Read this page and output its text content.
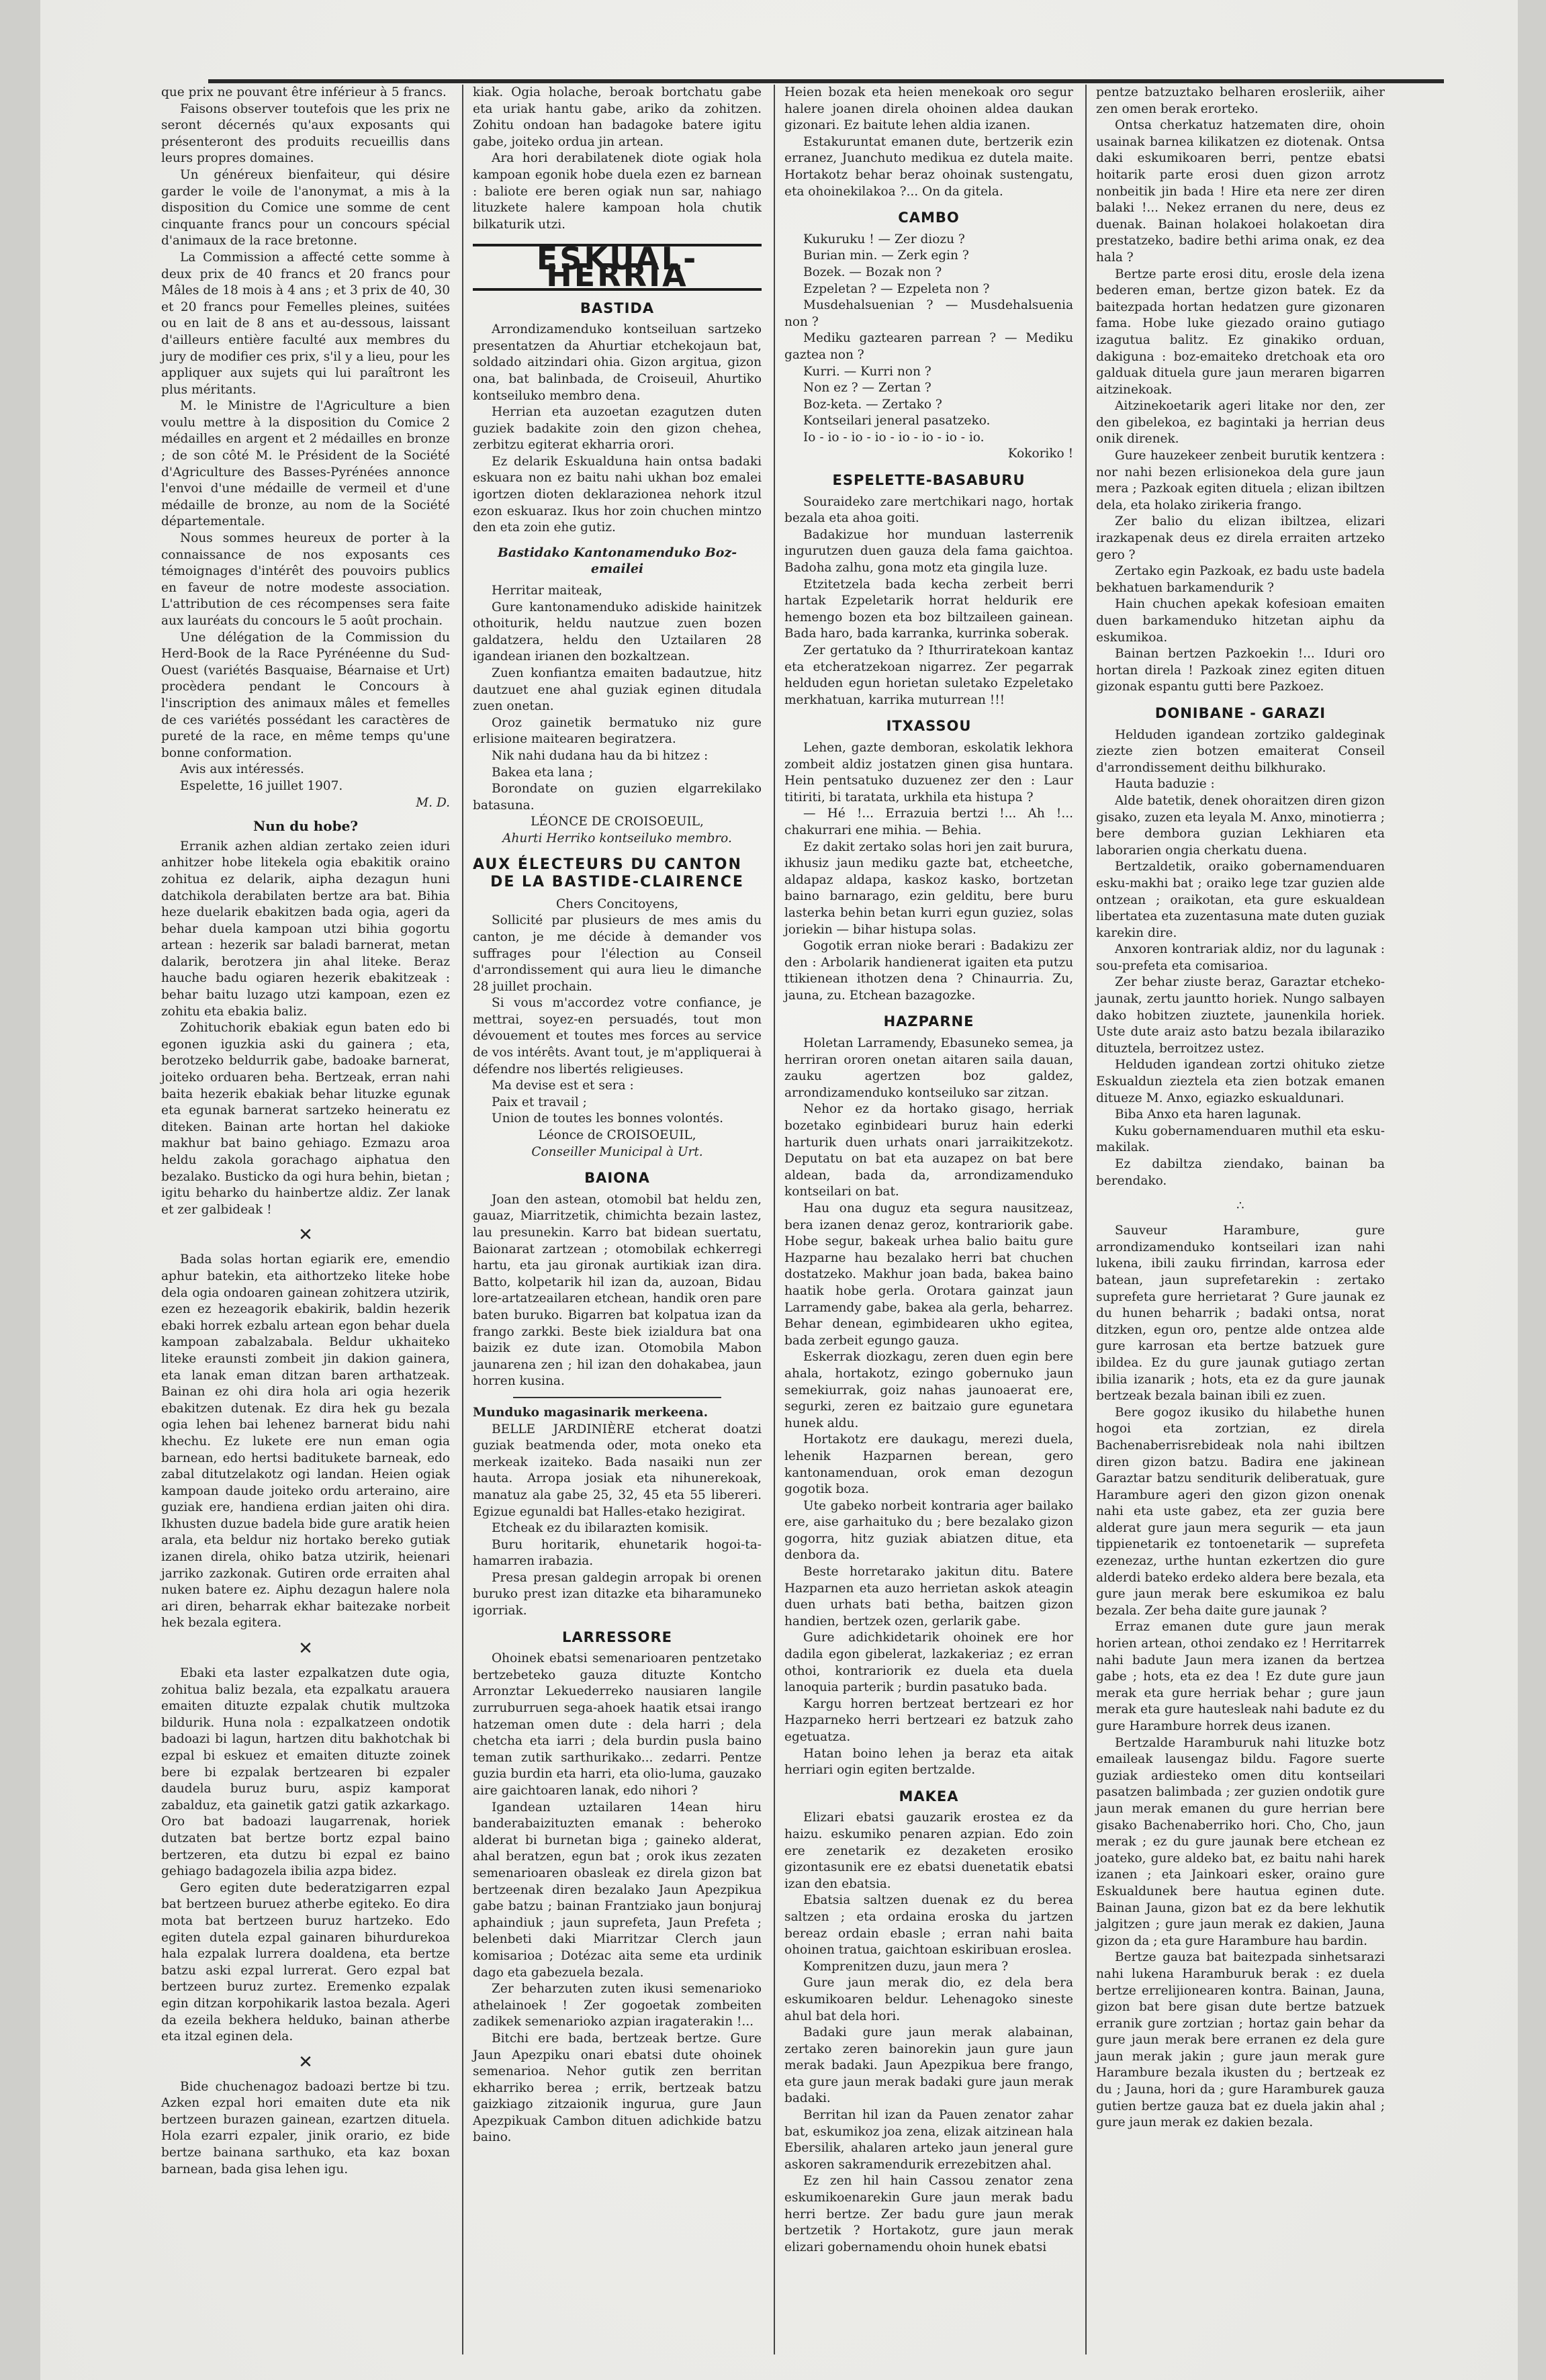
que prix ne pouvant être inférieur à 5 francs.

Faisons observer toutefois que les prix ne seront décernés qu'aux exposants qui présenteront des produits recueillis dans leurs propres domaines.

Un généreux bienfaiteur, qui désire garder le voile de l'anonymat, a mis à la disposition du Comice une somme de cent cinquante francs pour un concours spécial d'animaux de la race bretonne.

La Commission a affecté cette somme à deux prix de 40 francs et 20 francs pour Mâles de 18 mois à 4 ans ; et 3 prix de 40, 30 et 20 francs pour Femelles pleines, suitées ou en lait de 8 ans et au-dessous, laissant d'ailleurs entière faculté aux membres du jury de modifier ces prix, s'il y a lieu, pour les appliquer aux sujets qui lui paraîtront les plus méritants.

M. le Ministre de l'Agriculture a bien voulu mettre à la disposition du Comice 2 médailles en argent et 2 médailles en bronze ; de son côté M. le Président de la Société d'Agriculture des Basses-Pyrénées annonce l'envoi d'une médaille de vermeil et d'une médaille de bronze, au nom de la Société départementale.

Nous sommes heureux de porter à la connaissance de nos exposants ces témoignages d'intérêt des pouvoirs publics en faveur de notre modeste association. L'attribution de ces récompenses sera faite aux lauréats du concours le 5 août prochain.

Une délégation de la Commission du Herd-Book de la Race Pyrénéenne du Sud-Ouest (variétés Basquaise, Béarnaise et Urt) procèdera pendant le Concours à l'inscription des animaux mâles et femelles de ces variétés possédant les caractères de pureté de la race, en même temps qu'une bonne conformation.

Avis aux intéressés.

Espelette, 16 juillet 1907.

M. D.

Nun du hobe?

Erranik azhen aldian zertako zeien iduri anhitzer hobe litekela ogia ebakitik oraino zohitua ez delarik, aipha dezagun huni datchikola derabilaten bertze ara bat. Bihia heze duelarik ebakitzen bada ogia, ageri da behar duela kampoan utzi bihia gogortu artean : hezerik sar baladi barnerat, metan dalarik, berotzera jin ahal liteke. Beraz hauche badu ogiaren hezerik ebakitzeak : behar baitu luzago utzi kampoan, ezen ez zohitu eta ebakia baliz.

Zohituchorik ebakiak egun baten edo bi egonen iguzkia aski du gainera ; eta, berotzeko beldurrik gabe, badoake barnerat, joiteko orduaren beha. Bertzeak, erran nahi baita hezerik ebakiak behar lituzke egunak eta egunak barnerat sartzeko heineratu ez diteken. Bainan arte hortan hel dakioke makhur bat baino gehiago. Ezmazu aroa heldu zakola gorachago aiphatua den bezalako. Busticko da ogi hura behin, bietan ; igitu beharko du hainbertze aldiz. Zer lanak et zer galbideak !

✕

Bada solas hortan egiarik ere, emendio aphur batekin, eta aithortzeko liteke hobe dela ogia ondoaren gainean zohitzera utzirik, ezen ez hezeagorik ebakirik, baldin hezerik ebaki horrek ezbalu artean egon behar duela kampoan zabalzabala. Beldur ukhaiteko liteke eraunsti zombeit jin dakion gainera, eta lanak eman ditzan baren arthatzeak. Bainan ez ohi dira hola ari ogia hezerik ebakitzen dutenak. Ez dira hek gu bezala ogia lehen bai lehenez barnerat bidu nahi khechu. Ez lukete ere nun eman ogia barnean, edo hertsi baditukete barneak, edo zabal ditutzelakotz ogi landan. Heien ogiak kampoan daude joiteko ordu arteraino, aire guziak ere, handiena erdian jaiten ohi dira. Ikhusten duzue badela bide gure aratik heien arala, eta beldur niz hortako bereko gutiak izanen direla, ohiko batza utzirik, heienari jarriko zazkonak. Gutiren orde erraiten ahal nuken batere ez. Aiphu dezagun halere nola ari diren, beharrak ekhar baitezake norbeit hek bezala egitera.

✕

Ebaki eta laster ezpalkatzen dute ogia, zohitua baliz bezala, eta ezpalkatu arauera emaiten dituzte ezpalak chutik multzoka bildurik. Huna nola : ezpalkatzeen ondotik badoazi bi lagun, hartzen ditu bakhotchak bi ezpal bi eskuez et emaiten dituzte zoinek bere bi ezpalak bertzearen bi ezpaler daudela buruz buru, aspiz kamporat zabalduz, eta gainetik gatzi gatik azkarkago. Oro bat badoazi laugarrenak, horiek dutzaten bat bertze bortz ezpal baino bertzeren, eta dutzu bi ezpal ez baino gehiago badagozela ibilia azpa bidez.

Gero egiten dute bederatzigarren ezpal bat bertzeen buruez atherbe egiteko. Eo dira mota bat bertzeen buruz hartzeko. Edo egiten dutela ezpal gainaren bihurdurekoa hala ezpalak lurrera doaldena, eta bertze batzu aski ezpal lurrerat. Gero ezpal bat bertzeen buruz zurtez. Eremenko ezpalak egin ditzan korpohikarik lastoa bezala. Ageri da ezeila bekhera helduko, bainan atherbe eta itzal eginen dela.

✕

Bide chuchenagoz badoazi bertze bi tzu. Azken ezpal hori emaiten dute eta nik bertzeen burazen gainean, ezartzen dituela. Hola ezarri ezpaler, jinik orario, ez bide bertze bainana sarthuko, eta kaz boxan barnean, bada gisa lehen igu.

kiak. Ogia holache, beroak bortchatu gabe eta uriak hantu gabe, ariko da zohitzen. Zohitu ondoan han badagoke batere igitu gabe, joiteko ordua jin artean.

Ara hori derabilatenek diote ogiak hola kampoan egonik hobe duela ezen ez barnean : baliote ere beren ogiak nun sar, nahiago lituzkete halere kampoan hola chutik bilkaturik utzi.

ESKUAL-HERRIA
BASTIDA

Arrondizamenduko kontseiluan sartzeko presentatzen da Ahurtiar etchekojaun bat, soldado aitzindari ohia. Gizon argitua, gizon ona, bat balinbada, de Croiseuil, Ahurtiko kontseiluko membro dena.

Herrian eta auzoetan ezagutzen duten guziek badakite zoin den gizon chehea, zerbitzu egiterat ekharria orori.

Ez delarik Eskualduna hain ontsa badaki eskuara non ez baitu nahi ukhan boz emalei igortzen dioten deklarazionea nehork itzul ezon eskuaraz. Ikus hor zoin chuchen mintzo den eta zoin ehe gutiz.

Bastidako Kantonamenduko Boz-emailei

Herritar maiteak,

Gure kantonamenduko adiskide hainitzek othoiturik, heldu nautzue zuen bozen galdatzera, heldu den Uztailaren 28 igandean irianen den bozkaltzean.

Zuen konfiantza emaiten badautzue, hitz dautzuet ene ahal guziak eginen ditudala zuen onetan.

Oroz gainetik bermatuko niz gure erlisione maitearen begiratzera.

Nik nahi dudana hau da bi hitzez :

Bakea eta lana ;

Borondate on guzien elgarrekilako batasuna.

LÉONCE DE CROISOEUIL,

Ahurti Herriko kontseiluko membro.

AUX ÉLECTEURS DU CANTON
DE LA BASTIDE-CLAIRENCE

Chers Concitoyens,

Sollicité par plusieurs de mes amis du canton, je me décide à demander vos suffrages pour l'élection au Conseil d'arrondissement qui aura lieu le dimanche 28 juillet prochain.

Si vous m'accordez votre confiance, je mettrai, soyez-en persuadés, tout mon dévouement et toutes mes forces au service de vos intérêts. Avant tout, je m'appliquerai à défendre nos libertés religieuses.

Ma devise est et sera :

Paix et travail ;

Union de toutes les bonnes volontés.

Léonce de CROISOEUIL,

Conseiller Municipal à Urt.

BAIONA

Joan den astean, otomobil bat heldu zen, gauaz, Miarritzetik, chimichta bezain lastez, lau presunekin. Karro bat bidean suertatu, Baionarat zartzean ; otomobilak echkerregi hartu, eta jau gironak aurtikiak izan dira. Batto, kolpetarik hil izan da, auzoan, Bidau lore-artatzeailaren etchean, handik oren pare baten buruko. Bigarren bat kolpatua izan da frango zarkki. Beste biek izialdura bat ona baizik ez dute izan. Otomobila Mabon jaunarena zen ; hil izan den dohakabea, jaun horren kusina.

Munduko magasinarik merkeena.

BELLE JARDINIÈRE etcherat doatzi guziak beatmenda oder, mota oneko eta merkeak izaiteko. Bada nasaiki nun zer hauta. Arropa josiak eta nihunerekoak, manatuz ala gabe 25, 32, 45 eta 55 libereri. Egizue egunaldi bat Halles-etako hezigirat.

Etcheak ez du ibilarazten komisik.

Buru horitarik, ehunetarik hogoi-ta-hamarren irabazia.

Presa presan galdegin arropak bi orenen buruko prest izan ditazke eta biharamuneko igorriak.

LARRESSORE

Ohoinek ebatsi semenarioaren pentzetako bertzebeteko gauza dituzte Kontcho Arronztar Lekuederreko nausiaren langile zurruburruen sega-ahoek haatik etsai irango hatzeman omen dute : dela harri ; dela chetcha eta iarri ; dela burdin pusla baino teman zutik sarthurikako... zedarri. Pentze guzia burdin eta harri, eta olio-luma, gauzako aire gaichtoaren lanak, edo nihori ?

Igandean uztailaren 14ean hiru banderabaizituzten emanak : beheroko alderat bi burnetan biga ; gaineko alderat, ahal beratzen, egun bat ; orok ikus zezaten semenarioaren obasleak ez direla gizon bat bertzeenak diren bezalako Jaun Apezpikua gabe batzu ; bainan Frantziako jaun bonjuraj aphaindiuk ; jaun suprefeta, Jaun Prefeta ; belenbeti daki Miarritzar Clerch jaun komisarioa ; Dotézac aita seme eta urdinik dago eta gabezuela bezala.

Zer beharzuten zuten ikusi semenarioko athelainoek ! Zer gogoetak zombeiten zadikek semenarioko azpian iragaterakin !...

Bitchi ere bada, bertzeak bertze. Gure Jaun Apezpiku onari ebatsi dute ohoinek semenarioa. Nehor gutik zen berritan ekharriko berea ; errik, bertzeak batzu gaizkiago zitzaionik ingurua, gure Jaun Apezpikuak Cambon dituen adichkide batzu baino.

Heien bozak eta heien menekoak oro segur halere joanen direla ohoinen aldea daukan gizonari. Ez baitute lehen aldia izanen.

Estakuruntat emanen dute, bertzerik ezin erranez, Juanchuto medikua ez dutela maite. Hortakotz behar beraz ohoinak sustengatu, eta ohoinekilakoa ?... On da gitela.

CAMBO

Kukuruku ! — Zer diozu ?

Burian min. — Zerk egin ?

Bozek. — Bozak non ?

Ezpeletan ? — Ezpeleta non ?

Musdehalsuenian ? — Musdehalsuenia non ?

Mediku gaztearen parrean ? — Mediku gaztea non ?

Kurri. — Kurri non ?

Non ez ? — Zertan ?

Boz-keta. — Zertako ?

Kontseilari jeneral pasatzeko.

Io - io - io - io - io - io - io - io.

Kokoriko !

ESPELETTE-BASABURU

Souraideko zare mertchikari nago, hortak bezala eta ahoa goiti.

Badakizue hor munduan lasterrenik ingurutzen duen gauza dela fama gaichtoa. Badoha zalhu, gona motz eta gingila luze.

Etzitetzela bada kecha zerbeit berri hartak Ezpeletarik horrat heldurik ere hemengo bozen eta boz biltzaileen gainean. Bada haro, bada karranka, kurrinka soberak.

Zer gertatuko da ? Ithurriratekoan kantaz eta etcheratzekoan nigarrez. Zer pegarrak helduden egun horietan suletako Ezpeletako merkhatuan, karrika muturrean !!!

ITXASSOU

Lehen, gazte demboran, eskolatik lekhora zombeit aldiz jostatzen ginen gisa huntara. Hein pentsatuko duzuenez zer den : Laur titiriti, bi taratata, urkhila eta histupa ?

— Hé !... Errazuia bertzi !... Ah !... chakurrari ene mihia. — Behia.

Ez dakit zertako solas hori jen zait burura, ikhusiz jaun mediku gazte bat, etcheetche, aldapaz aldapa, kaskoz kasko, bortzetan baino barnarago, ezin gelditu, bere buru lasterka behin betan kurri egun guziez, solas joriekin — bihar histupa solas.

Gogotik erran nioke berari : Badakizu zer den : Arbolarik handienerat igaiten eta putzu ttikienean ithotzen dena ? Chinaurria. Zu, jauna, zu. Etchean bazagozke.

HAZPARNE

Holetan Larramendy, Ebasuneko semea, ja herriran ororen onetan aitaren saila dauan, zauku agertzen boz galdez, arrondizamenduko kontseiluko sar zitzan.

Nehor ez da hortako gisago, herriak bozetako eginbideari buruz hain ederki harturik duen urhats onari jarraikitzekotz. Deputatu on bat eta auzapez on bat bere aldean, bada da, arrondizamenduko kontseilari on bat.

Hau ona duguz eta segura nausitzeaz, bera izanen denaz geroz, kontrariorik gabe. Hobe segur, bakeak urhea balio baitu gure Hazparne hau bezalako herri bat chuchen dostatzeko. Makhur joan bada, bakea baino haatik hobe gerla. Orotara gainzat jaun Larramendy gabe, bakea ala gerla, beharrez. Behar denean, egimbidearen ukho egitea, bada zerbeit egungo gauza.

Eskerrak diozkagu, zeren duen egin bere ahala, hortakotz, ezingo gobernuko jaun semekiurrak, goiz nahas jaunoaerat ere, segurki, zeren ez baitzaio gure egunetara hunek aldu.

Hortakotz ere daukagu, merezi duela, lehenik Hazparnen berean, gero kantonamenduan, orok eman dezogun gogotik boza.

Ute gabeko norbeit kontraria ager bailako ere, aise garhaituko du ; bere bezalako gizon gogorra, hitz guziak abiatzen ditue, eta denbora da.

Beste horretarako jakitun ditu. Batere Hazparnen eta auzo herrietan askok ateagin duen urhats bati betha, baitzen gizon handien, bertzek ozen, gerlarik gabe.

Gure adichkidetarik ohoinek ere hor dadila egon gibelerat, lazkakeriaz ; ez erran othoi, kontrariorik ez duela eta duela lanoquia parterik ; burdin pasatuko bada.

Kargu horren bertzeat bertzeari ez hor Hazparneko herri bertzeari ez batzuk zaho egetuatza.

Hatan boino lehen ja beraz eta aitak herriari ogin egiten bertzalde.

MAKEA

Elizari ebatsi gauzarik erostea ez da haizu. eskumiko penaren azpian. Edo zoin ere zenetarik ez dezaketen erosiko gizontasunik ere ez ebatsi duenetatik ebatsi izan den ebatsia.

Ebatsia saltzen duenak ez du berea saltzen ; eta ordaina eroska du jartzen bereaz ordain ebasle ; erran nahi baita ohoinen tratua, gaichtoan eskiribuan eroslea.

Komprenitzen duzu, jaun mera ?

Gure jaun merak dio, ez dela bera eskumikoaren beldur. Lehenagoko sineste ahul bat dela hori.

Badaki gure jaun merak alabainan, zertako zeren bainorekin jaun gure jaun merak badaki. Jaun Apezpikua bere frango, eta gure jaun merak badaki gure jaun merak badaki.

Berritan hil izan da Pauen zenator zahar bat, eskumikoz joa zena, elizak aitzinean hala Ebersilik, ahalaren arteko jaun jeneral gure askoren sakramendurik errezebitzen ahal.

Ez zen hil hain Cassou zenator zena eskumikoenarekin Gure jaun merak badu herri bertze. Zer badu gure jaun merak bertzetik ? Hortakotz, gure jaun merak elizari gobernamendu ohoin hunek ebatsi

pentze batzuztako belharen erosleriik, aiher zen omen berak erorteko.

Ontsa cherkatuz hatzematen dire, ohoin usainak barnea kilikatzen ez diotenak. Ontsa daki eskumikoaren berri, pentze ebatsi hoitarik parte erosi duen gizon arrotz nonbeitik jin bada ! Hire eta nere zer diren balaki !... Nekez erranen du nere, deus ez duenak. Bainan holakoei holakoetan dira prestatzeko, badire bethi arima onak, ez dea hala ?

Bertze parte erosi ditu, erosle dela izena bederen eman, bertze gizon batek. Ez da baitezpada hortan hedatzen gure gizonaren fama. Hobe luke giezado oraino gutiago izagutua balitz. Ez ginakiko orduan, dakiguna : boz-emaiteko dretchoak eta oro galduak dituela gure jaun meraren bigarren aitzinekoak.

Aitzinekoetarik ageri litake nor den, zer den gibelekoa, ez bagintaki ja herrian deus onik direnek.

Gure hauzekeer zenbeit burutik kentzera : nor nahi bezen erlisionekoa dela gure jaun mera ; Pazkoak egiten dituela ; elizan ibiltzen dela, eta holako zirikeria frango.

Zer balio du elizan ibiltzea, elizari irazkapenak deus ez direla erraiten artzeko gero ?

Zertako egin Pazkoak, ez badu uste badela bekhatuen barkamendurik ?

Hain chuchen apekak kofesioan emaiten duen barkamenduko hitzetan aiphu da eskumikoa.

Bainan bertzen Pazkoekin !... Iduri oro hortan direla ! Pazkoak zinez egiten dituen gizonak espantu gutti bere Pazkoez.

DONIBANE - GARAZI

Helduden igandean zortziko galdeginak ziezte zien botzen emaiterat Conseil d'arrondissement deithu bilkhurako.

Hauta baduzie :

Alde batetik, denek ohoraitzen diren gizon gisako, zuzen eta leyala M. Anxo, minotierra ; bere dembora guzian Lekhiaren eta laborarien ongia cherkatu duena.

Bertzaldetik, oraiko gobernamenduaren esku-makhi bat ; oraiko lege tzar guzien alde ontzean ; oraikotan, eta gure eskualdean libertatea eta zuzentasuna mate duten guziak karekin dire.

Anxoren kontrariak aldiz, nor du lagunak : sou-prefeta eta comisarioa.

Zer behar ziuste beraz, Garaztar etcheko-jaunak, zertu jauntto horiek. Nungo salbayen dako hobitzen ziuztete, jaunenkila horiek. Uste dute araiz asto batzu bezala ibilaraziko dituztela, berroitzez ustez.

Helduden igandean zortzi ohituko zietze Eskualdun zieztela eta zien botzak emanen ditueze M. Anxo, egiazko eskualdunari.

Biba Anxo eta haren lagunak.

Kuku gobernamenduaren muthil eta esku-makilak.

Ez dabiltza ziendako, bainan ba berendako.

∴

Sauveur Harambure, gure arrondizamenduko kontseilari izan nahi lukena, ibili zauku firrindan, karrosa eder batean, jaun suprefetarekin : zertako suprefeta gure herrietarat ? Gure jaunak ez du hunen beharrik ; badaki ontsa, norat ditzken, egun oro, pentze alde ontzea alde gure karrosan eta bertze batzuek gure ibildea. Ez du gure jaunak gutiago zertan ibilia izanarik ; hots, eta ez da gure jaunak bertzeak bezala bainan ibili ez zuen.

Bere gogoz ikusiko du hilabethe hunen hogoi eta zortzian, ez direla Bachenaberrisrebideak nola nahi ibiltzen diren gizon batzu. Badira ene jakinean Garaztar batzu senditurik deliberatuak, gure Harambure ageri den gizon gizon onenak nahi eta uste gabez, eta zer guzia bere alderat gure jaun mera segurik — eta jaun tippienetarik ez tontoenetarik — suprefeta ezenezaz, urthe huntan ezkertzen dio gure alderdi bateko erdeko aldera bere bezala, eta gure jaun merak bere eskumikoa ez balu bezala. Zer beha daite gure jaunak ?

Erraz emanen dute gure jaun merak horien artean, othoi zendako ez ! Herritarrek nahi badute Jaun mera izanen da bertzea gabe ; hots, eta ez dea ! Ez dute gure jaun merak eta gure herriak behar ; gure jaun merak eta gure hautesleak nahi badute ez du gure Harambure horrek deus izanen.

Bertzalde Haramburuk nahi lituzke botz emaileak lausengaz bildu. Fagore suerte guziak ardiesteko omen ditu kontseilari pasatzen balimbada ; zer guzien ondotik gure jaun merak emanen du gure herrian bere gisako Bachenaberriko hori. Cho, Cho, jaun merak ; ez du gure jaunak bere etchean ez joateko, gure aldeko bat, ez baitu nahi harek izanen ; eta Jainkoari esker, oraino gure Eskualdunek bere hautua eginen dute. Bainan Jauna, gizon bat ez da bere lekhutik jalgitzen ; gure jaun merak ez dakien, Jauna gizon da ; eta gure Harambure hau bardin.

Bertze gauza bat baitezpada sinhetsarazi nahi lukena Haramburuk berak : ez duela bertze errelijionearen kontra. Bainan, Jauna, gizon bat bere gisan dute bertze batzuek erranik gure zortzian ; hortaz gain behar da gure jaun merak bere erranen ez dela gure jaun merak jakin ; gure jaun merak gure Harambure bezala ikusten du ; bertzeak ez du ; Jauna, hori da ; gure Haramburek gauza gutien bertze gauza bat ez duela jakin ahal ; gure jaun merak ez dakien bezala.
